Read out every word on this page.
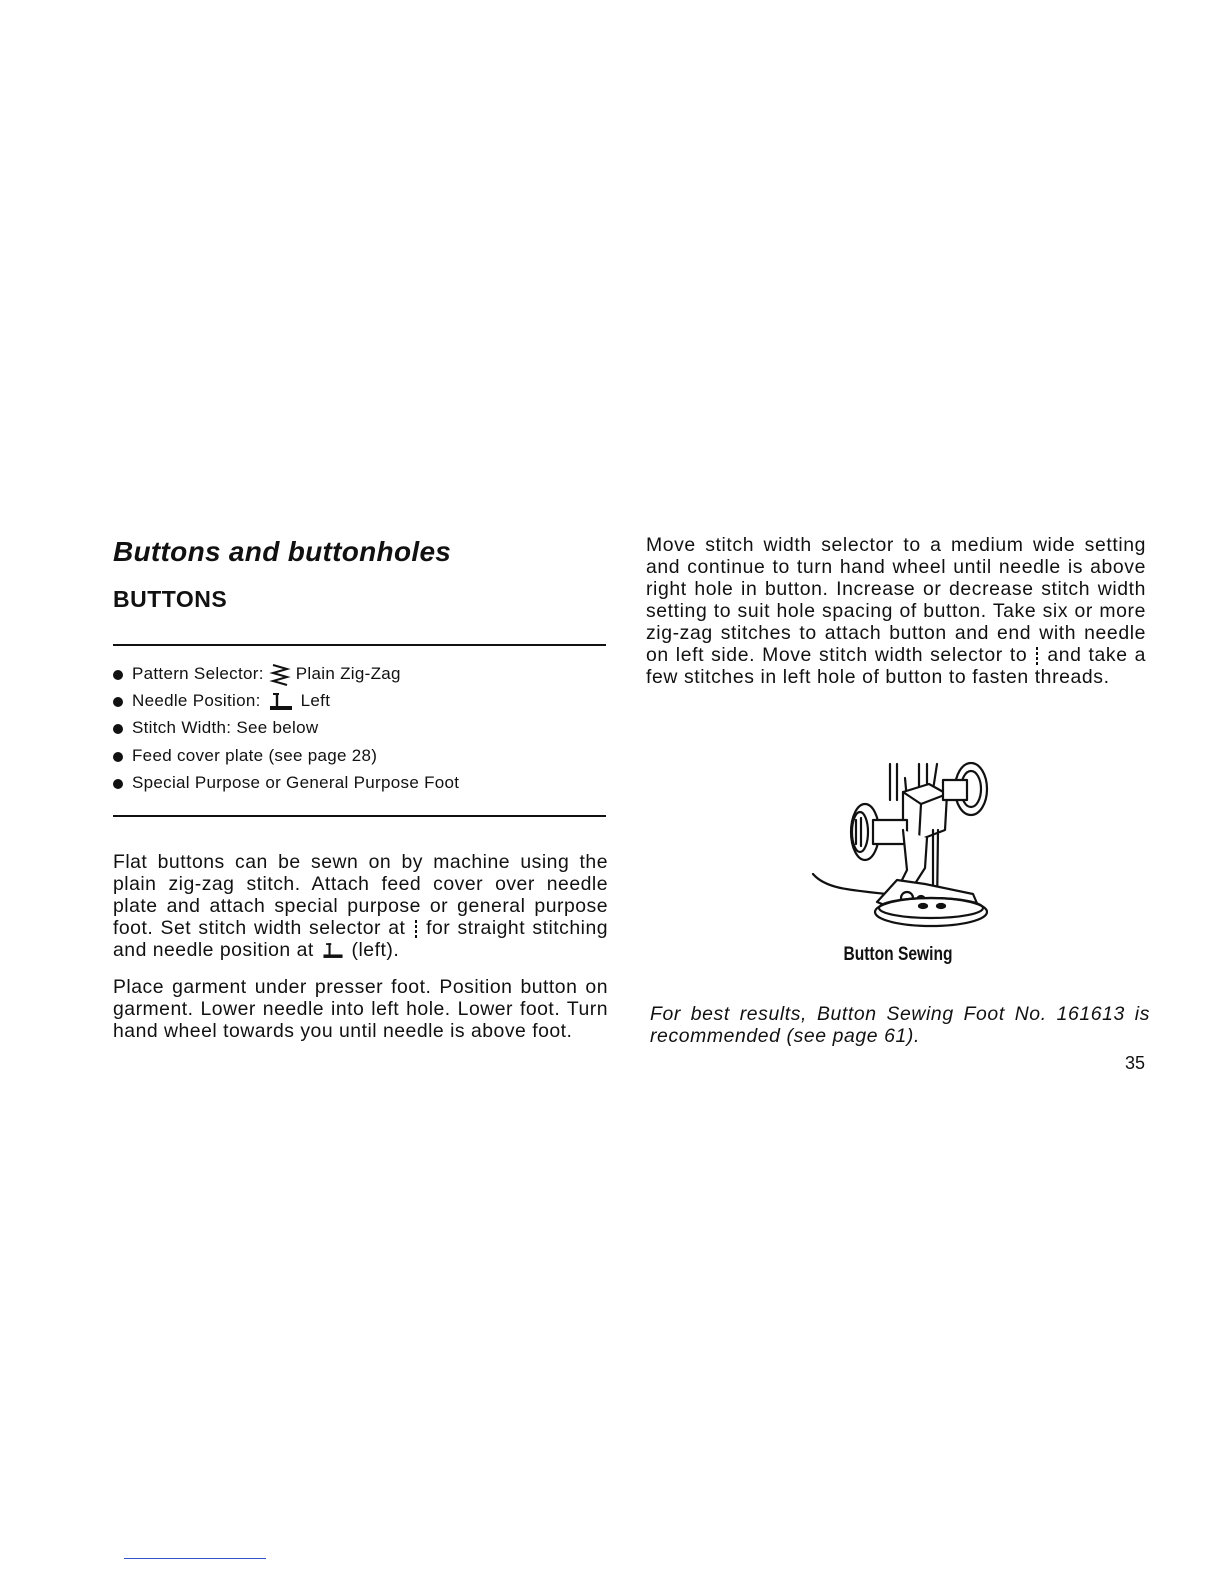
Buttons and buttonholes
BUTTONS
Pattern Selector: Plain Zig-Zag
Needle Position: Left
Stitch Width: See below
Feed cover plate (see page 28)
Special Purpose or General Purpose Foot

Flat buttons can be sewn on by machine using the plain zig-zag stitch. Attach feed cover over needle plate and attach special purpose or general purpose foot. Set stitch width selector at for straight stitching and needle position at (left).

Place garment under presser foot. Position button on garment. Lower needle into left hole. Lower foot. Turn hand wheel towards you until needle is above foot.

Move stitch width selector to a medium wide setting and continue to turn hand wheel until needle is above right hole in button. Increase or decrease stitch width setting to suit hole spacing of button. Take six or more zig-zag stitches to attach button and end with needle on left side. Move stitch width selector to and take a few stitches in left hole of button to fasten threads.

Button Sewing

For best results, Button Sewing Foot No. 161613 is recommended (see page 61).

35
